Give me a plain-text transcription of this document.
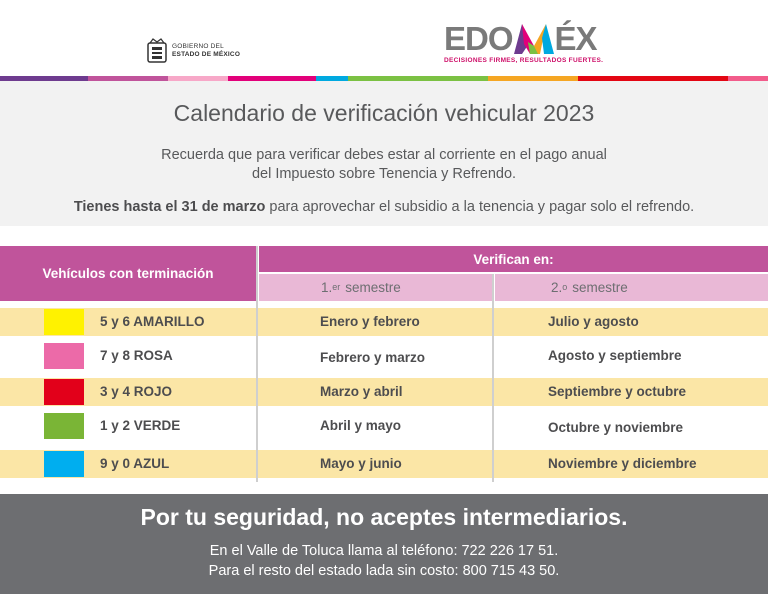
GOBIERNO DEL
ESTADO DE MÉXICO	EDO ÉX
DECISIONES FIRMES, RESULTADOS FUERTES.
Calendario de verificación vehicular 2023
Recuerda que para verificar debes estar al corriente en el pago anual
del Impuesto sobre Tenencia y Refrendo.
Tienes hasta el 31 de marzo para aprovechar el subsidio a la tenencia y pagar solo el refrendo.
Vehículos con terminación
Verifican en:
1.$^{er}$ semestre	2.$^o$ semestre
5 y 6 AMARILLO	Enero y febrero	Julio y agosto
7 y 8 ROSA	Febrero y marzo	Agosto y septiembre
3 y 4 ROJO	Marzo y abril	Septiembre y octubre
1 y 2 VERDE	Abril y mayo	Octubre y noviembre
9 y 0 AZUL	Mayo y junio	Noviembre y diciembre
Por tu seguridad, no aceptes intermediarios.
En el Valle de Toluca llama al teléfono: 722 226 17 51.
Para el resto del estado lada sin costo: 800 715 43 50.
